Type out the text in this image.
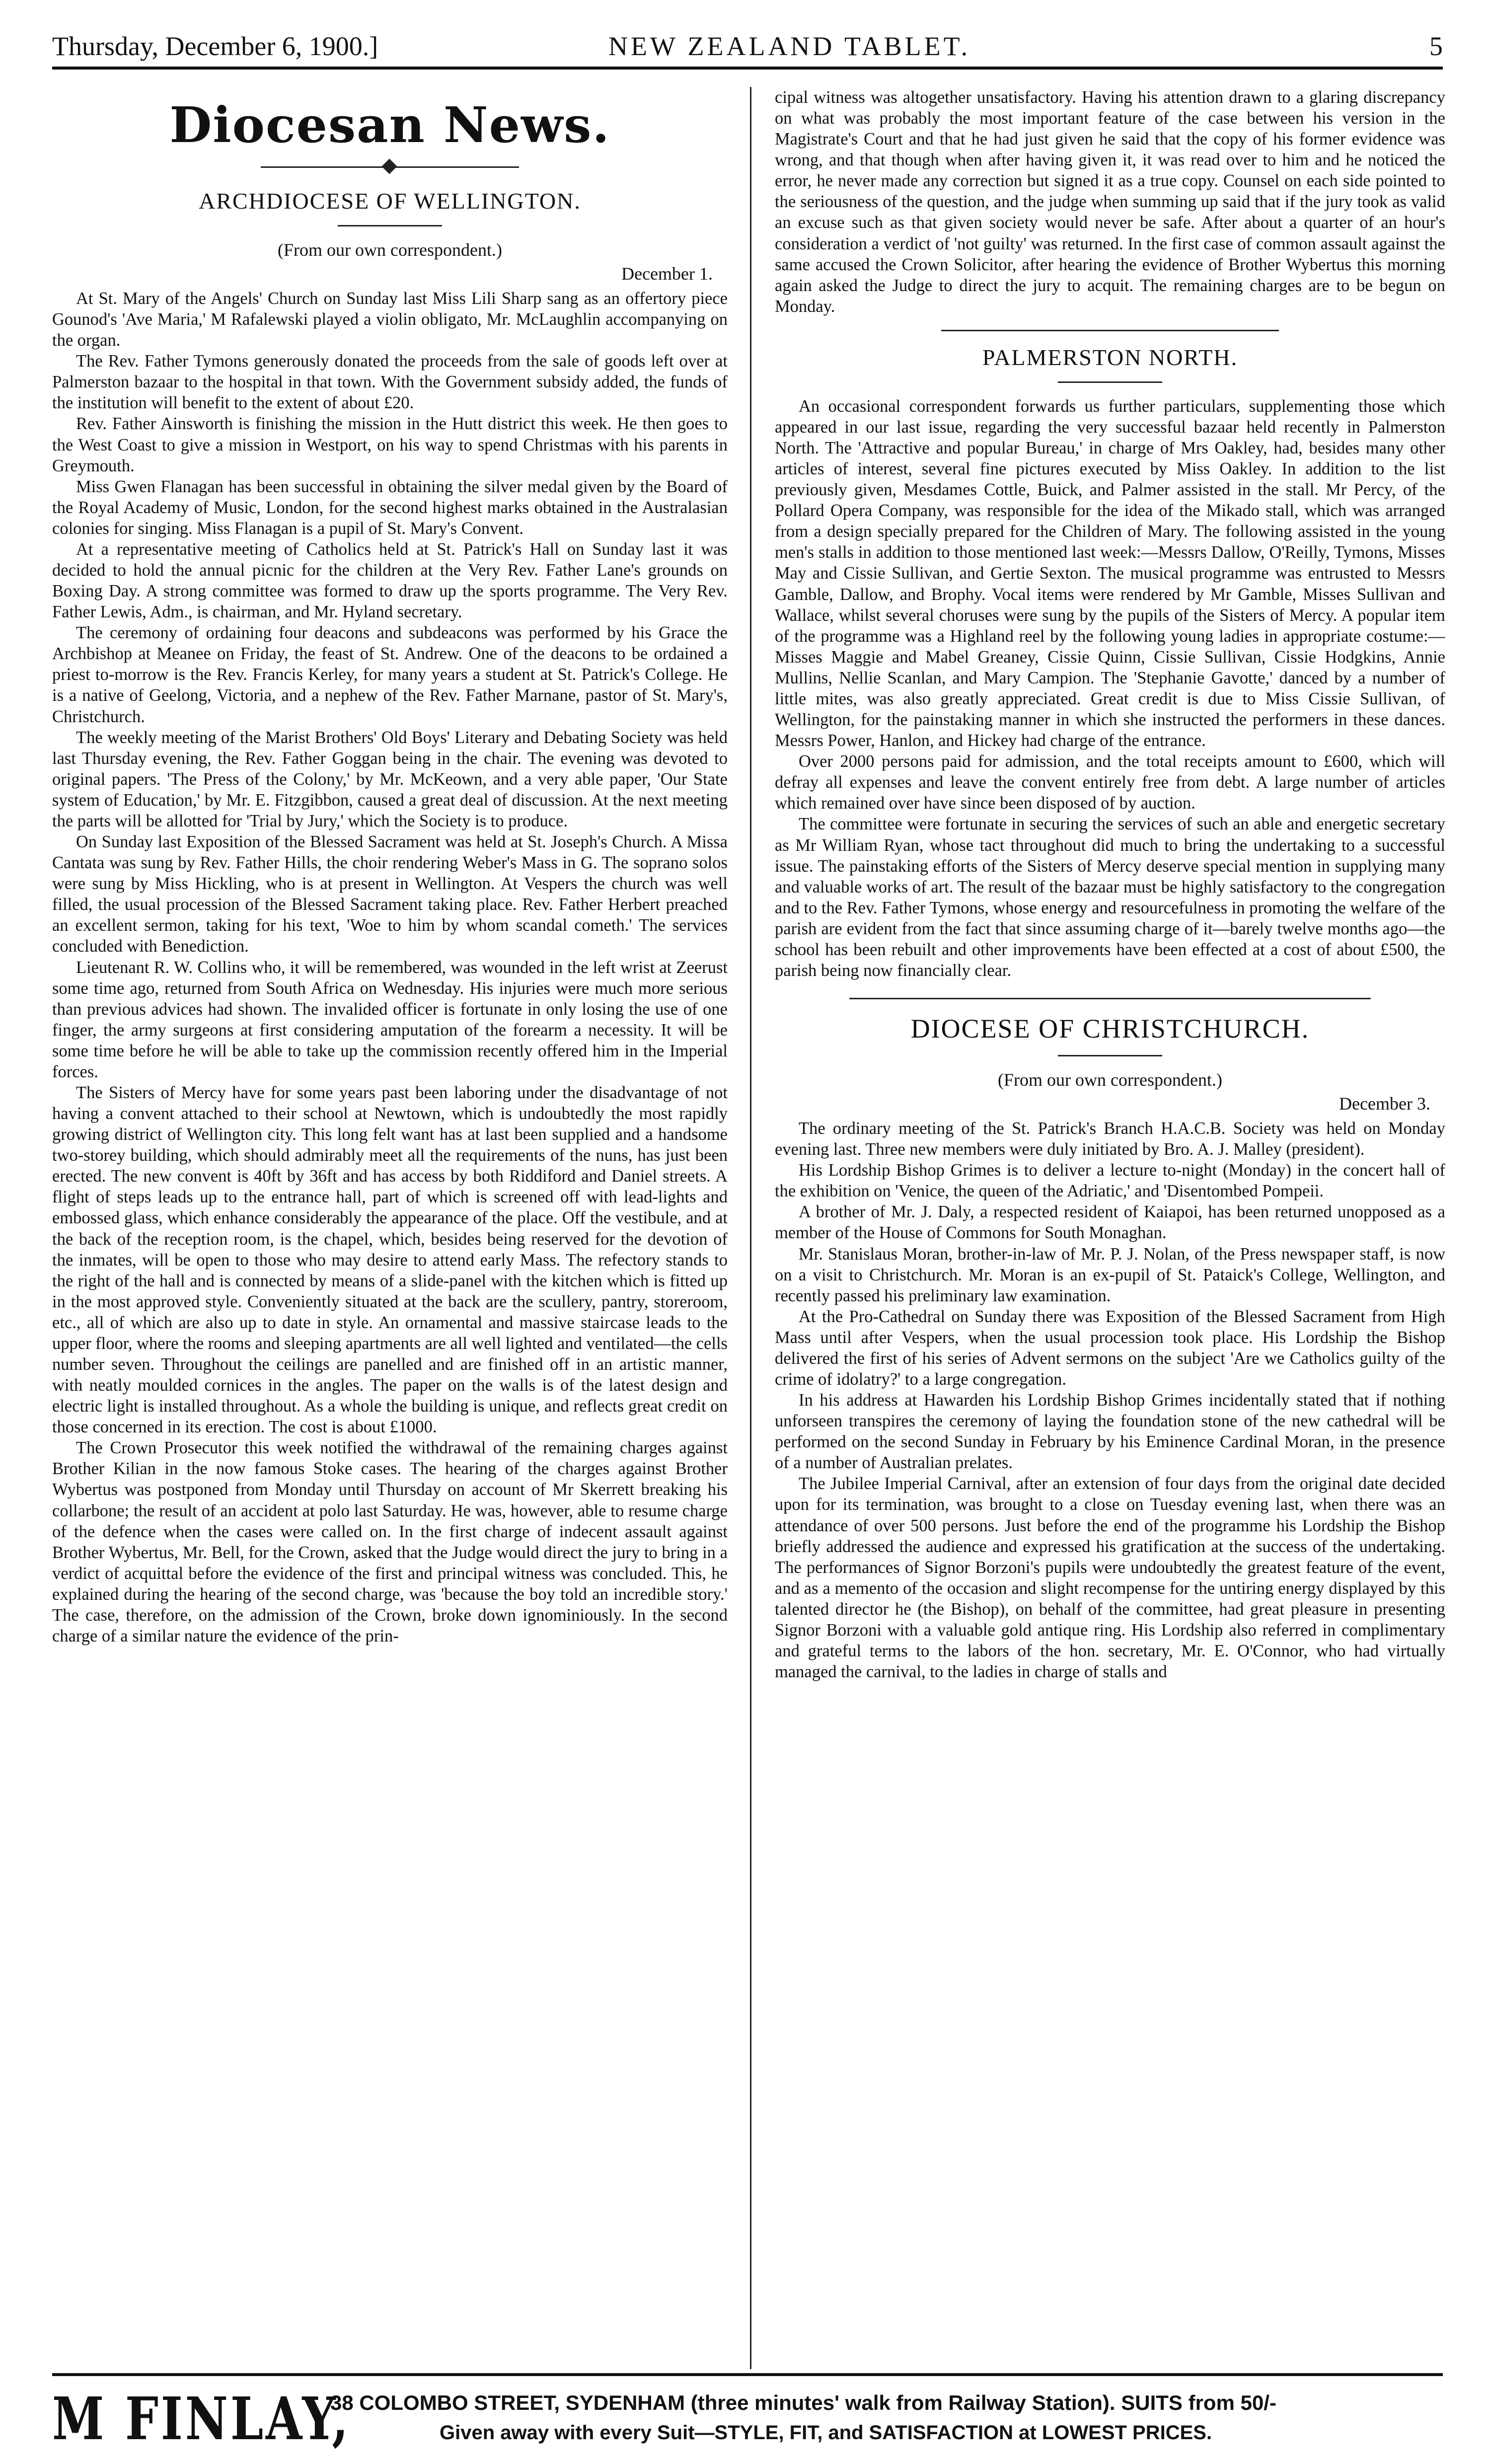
Thursday, December 6, 1900.]	NEW ZEALAND TABLET.	5
Diocesan News.
ARCHDIOCESE OF WELLINGTON.
(From our own correspondent.)
December 1.

At St. Mary of the Angels' Church on Sunday last Miss Lili Sharp sang as an offertory piece Gounod's 'Ave Maria,' M Rafalewski played a violin obligato, Mr. McLaughlin accompanying on the organ.

The Rev. Father Tymons generously donated the proceeds from the sale of goods left over at Palmerston bazaar to the hospital in that town. With the Government subsidy added, the funds of the institution will benefit to the extent of about £20.

Rev. Father Ainsworth is finishing the mission in the Hutt district this week. He then goes to the West Coast to give a mission in Westport, on his way to spend Christmas with his parents in Greymouth.

Miss Gwen Flanagan has been successful in obtaining the silver medal given by the Board of the Royal Academy of Music, London, for the second highest marks obtained in the Australasian colonies for singing. Miss Flanagan is a pupil of St. Mary's Convent.

At a representative meeting of Catholics held at St. Patrick's Hall on Sunday last it was decided to hold the annual picnic for the children at the Very Rev. Father Lane's grounds on Boxing Day. A strong committee was formed to draw up the sports programme. The Very Rev. Father Lewis, Adm., is chairman, and Mr. Hyland secretary.

The ceremony of ordaining four deacons and subdeacons was performed by his Grace the Archbishop at Meanee on Friday, the feast of St. Andrew. One of the deacons to be ordained a priest to-morrow is the Rev. Francis Kerley, for many years a student at St. Patrick's College. He is a native of Geelong, Victoria, and a nephew of the Rev. Father Marnane, pastor of St. Mary's, Christchurch.

The weekly meeting of the Marist Brothers' Old Boys' Literary and Debating Society was held last Thursday evening, the Rev. Father Goggan being in the chair. The evening was devoted to original papers. 'The Press of the Colony,' by Mr. McKeown, and a very able paper, 'Our State system of Education,' by Mr. E. Fitzgibbon, caused a great deal of discussion. At the next meeting the parts will be allotted for 'Trial by Jury,' which the Society is to produce.

On Sunday last Exposition of the Blessed Sacrament was held at St. Joseph's Church. A Missa Cantata was sung by Rev. Father Hills, the choir rendering Weber's Mass in G. The soprano solos were sung by Miss Hickling, who is at present in Wellington. At Vespers the church was well filled, the usual procession of the Blessed Sacrament taking place. Rev. Father Herbert preached an excellent sermon, taking for his text, 'Woe to him by whom scandal cometh.' The services concluded with Benediction.

Lieutenant R. W. Collins who, it will be remembered, was wounded in the left wrist at Zeerust some time ago, returned from South Africa on Wednesday. His injuries were much more serious than previous advices had shown. The invalided officer is fortunate in only losing the use of one finger, the army surgeons at first considering amputation of the forearm a necessity. It will be some time before he will be able to take up the commission recently offered him in the Imperial forces.

The Sisters of Mercy have for some years past been laboring under the disadvantage of not having a convent attached to their school at Newtown, which is undoubtedly the most rapidly growing district of Wellington city. This long felt want has at last been supplied and a handsome two-storey building, which should admirably meet all the requirements of the nuns, has just been erected. The new convent is 40ft by 36ft and has access by both Riddiford and Daniel streets. A flight of steps leads up to the entrance hall, part of which is screened off with lead-lights and embossed glass, which enhance considerably the appearance of the place. Off the vestibule, and at the back of the reception room, is the chapel, which, besides being reserved for the devotion of the inmates, will be open to those who may desire to attend early Mass. The refectory stands to the right of the hall and is connected by means of a slide-panel with the kitchen which is fitted up in the most approved style. Conveniently situated at the back are the scullery, pantry, storeroom, etc., all of which are also up to date in style. An ornamental and massive staircase leads to the upper floor, where the rooms and sleeping apartments are all well lighted and ventilated—the cells number seven. Throughout the ceilings are panelled and are finished off in an artistic manner, with neatly moulded cornices in the angles. The paper on the walls is of the latest design and electric light is installed throughout. As a whole the building is unique, and reflects great credit on those concerned in its erection. The cost is about £1000.

The Crown Prosecutor this week notified the withdrawal of the remaining charges against Brother Kilian in the now famous Stoke cases. The hearing of the charges against Brother Wybertus was postponed from Monday until Thursday on account of Mr Skerrett breaking his collarbone; the result of an accident at polo last Saturday. He was, however, able to resume charge of the defence when the cases were called on. In the first charge of indecent assault against Brother Wybertus, Mr. Bell, for the Crown, asked that the Judge would direct the jury to bring in a verdict of acquittal before the evidence of the first and principal witness was concluded. This, he explained during the hearing of the second charge, was 'because the boy told an incredible story.' The case, therefore, on the admission of the Crown, broke down ignominiously. In the second charge of a similar nature the evidence of the prin-

cipal witness was altogether unsatisfactory. Having his attention drawn to a glaring discrepancy on what was probably the most important feature of the case between his version in the Magistrate's Court and that he had just given he said that the copy of his former evidence was wrong, and that though when after having given it, it was read over to him and he noticed the error, he never made any correction but signed it as a true copy. Counsel on each side pointed to the seriousness of the question, and the judge when summing up said that if the jury took as valid an excuse such as that given society would never be safe. After about a quarter of an hour's consideration a verdict of 'not guilty' was returned. In the first case of common assault against the same accused the Crown Solicitor, after hearing the evidence of Brother Wybertus this morning again asked the Judge to direct the jury to acquit. The remaining charges are to be begun on Monday.

PALMERSTON NORTH.

An occasional correspondent forwards us further particulars, supplementing those which appeared in our last issue, regarding the very successful bazaar held recently in Palmerston North. The 'Attractive and popular Bureau,' in charge of Mrs Oakley, had, besides many other articles of interest, several fine pictures executed by Miss Oakley. In addition to the list previously given, Mesdames Cottle, Buick, and Palmer assisted in the stall. Mr Percy, of the Pollard Opera Company, was responsible for the idea of the Mikado stall, which was arranged from a design specially prepared for the Children of Mary. The following assisted in the young men's stalls in addition to those mentioned last week:—Messrs Dallow, O'Reilly, Tymons, Misses May and Cissie Sullivan, and Gertie Sexton. The musical programme was entrusted to Messrs Gamble, Dallow, and Brophy. Vocal items were rendered by Mr Gamble, Misses Sullivan and Wallace, whilst several choruses were sung by the pupils of the Sisters of Mercy. A popular item of the programme was a Highland reel by the following young ladies in appropriate costume:—Misses Maggie and Mabel Greaney, Cissie Quinn, Cissie Sullivan, Cissie Hodgkins, Annie Mullins, Nellie Scanlan, and Mary Campion. The 'Stephanie Gavotte,' danced by a number of little mites, was also greatly appreciated. Great credit is due to Miss Cissie Sullivan, of Wellington, for the painstaking manner in which she instructed the performers in these dances. Messrs Power, Hanlon, and Hickey had charge of the entrance.

Over 2000 persons paid for admission, and the total receipts amount to £600, which will defray all expenses and leave the convent entirely free from debt. A large number of articles which remained over have since been disposed of by auction.

The committee were fortunate in securing the services of such an able and energetic secretary as Mr William Ryan, whose tact throughout did much to bring the undertaking to a successful issue. The painstaking efforts of the Sisters of Mercy deserve special mention in supplying many and valuable works of art. The result of the bazaar must be highly satisfactory to the congregation and to the Rev. Father Tymons, whose energy and resourcefulness in promoting the welfare of the parish are evident from the fact that since assuming charge of it—barely twelve months ago—the school has been rebuilt and other improvements have been effected at a cost of about £500, the parish being now financially clear.

DIOCESE OF CHRISTCHURCH.
(From our own correspondent.)
December 3.

The ordinary meeting of the St. Patrick's Branch H.A.C.B. Society was held on Monday evening last. Three new members were duly initiated by Bro. A. J. Malley (president).

His Lordship Bishop Grimes is to deliver a lecture to-night (Monday) in the concert hall of the exhibition on 'Venice, the queen of the Adriatic,' and 'Disentombed Pompeii.

A brother of Mr. J. Daly, a respected resident of Kaiapoi, has been returned unopposed as a member of the House of Commons for South Monaghan.

Mr. Stanislaus Moran, brother-in-law of Mr. P. J. Nolan, of the Press newspaper staff, is now on a visit to Christchurch. Mr. Moran is an ex-pupil of St. Pataick's College, Wellington, and recently passed his preliminary law examination.

At the Pro-Cathedral on Sunday there was Exposition of the Blessed Sacrament from High Mass until after Vespers, when the usual procession took place. His Lordship the Bishop delivered the first of his series of Advent sermons on the subject 'Are we Catholics guilty of the crime of idolatry?' to a large congregation.

In his address at Hawarden his Lordship Bishop Grimes incidentally stated that if nothing unforseen transpires the ceremony of laying the foundation stone of the new cathedral will be performed on the second Sunday in February by his Eminence Cardinal Moran, in the presence of a number of Australian prelates.

The Jubilee Imperial Carnival, after an extension of four days from the original date decided upon for its termination, was brought to a close on Tuesday evening last, when there was an attendance of over 500 persons. Just before the end of the programme his Lordship the Bishop briefly addressed the audience and expressed his gratification at the success of the undertaking. The performances of Signor Borzoni's pupils were undoubtedly the greatest feature of the event, and as a memento of the occasion and slight recompense for the untiring energy displayed by this talented director he (the Bishop), on behalf of the committee, had great pleasure in presenting Signor Borzoni with a valuable gold antique ring. His Lordship also referred in complimentary and grateful terms to the labors of the hon. secretary, Mr. E. O'Connor, who had virtually managed the carnival, to the ladies in charge of stalls and

M FINLAY,
38 COLOMBO STREET, SYDENHAM (three minutes' walk from Railway Station). SUITS from 50/-
Given away with every Suit—STYLE, FIT, and SATISFACTION at LOWEST PRICES.
